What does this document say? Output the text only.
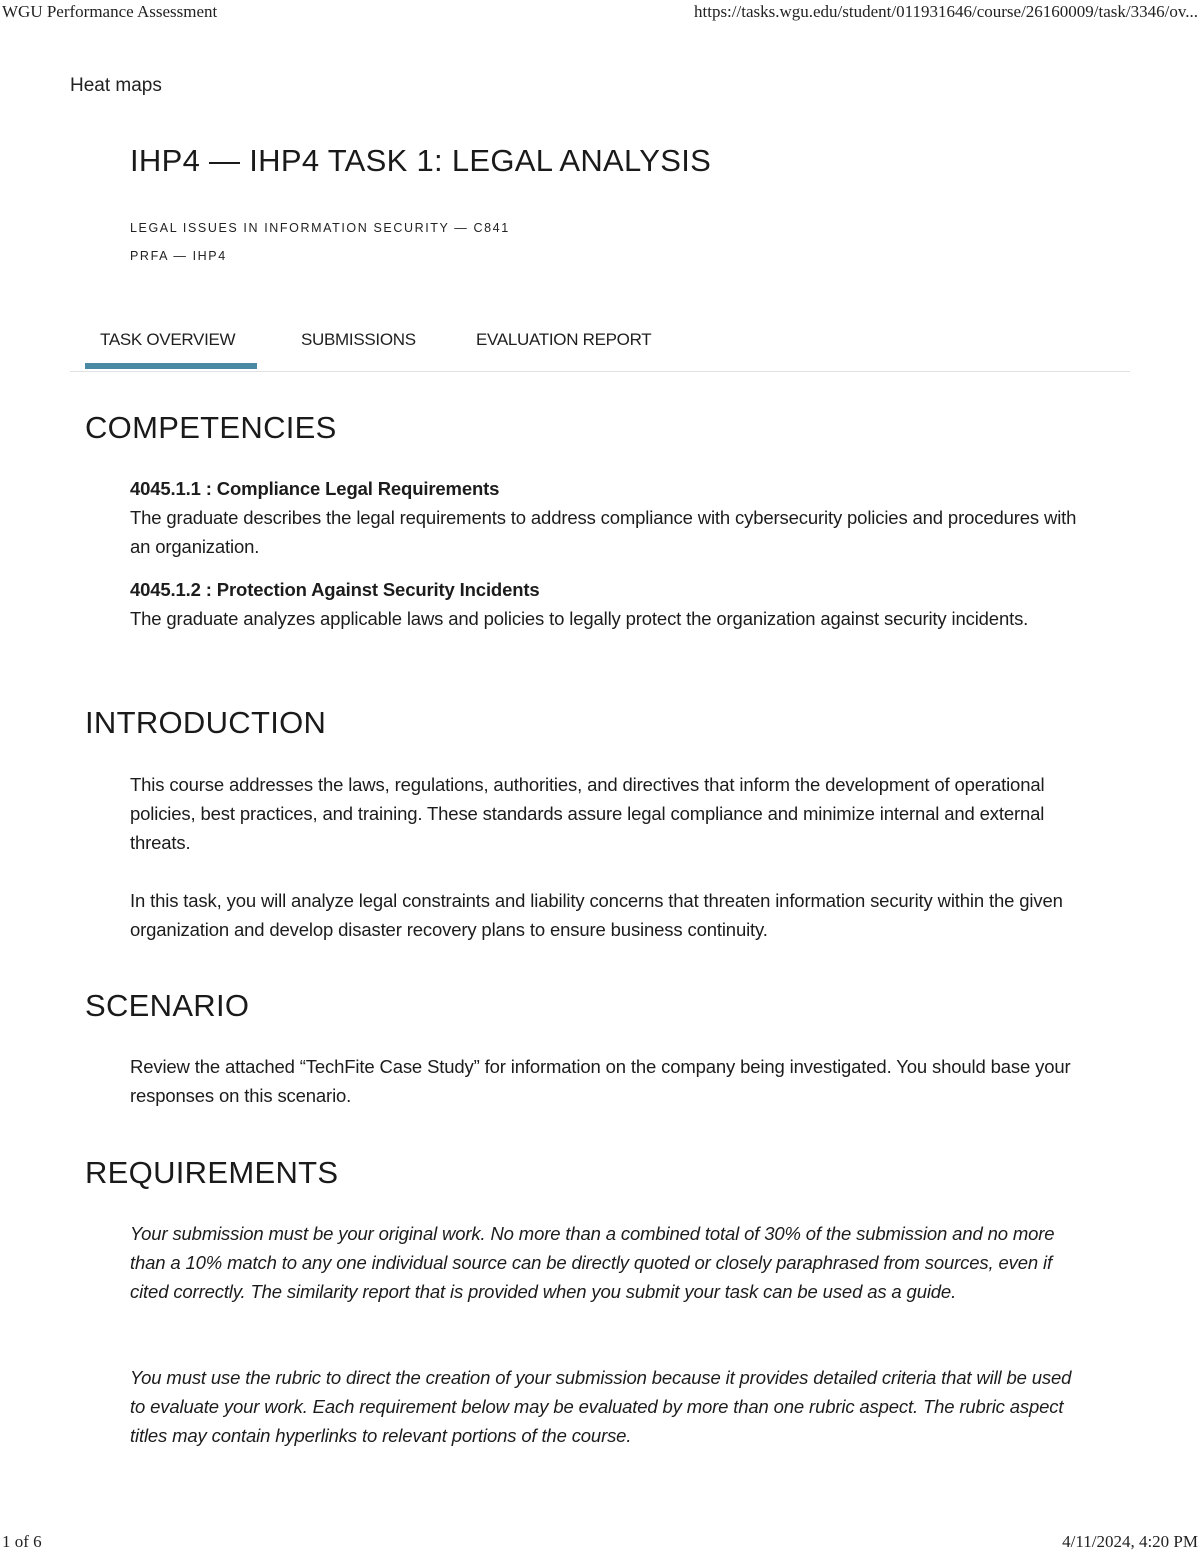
WGU Performance Assessment	https://tasks.wgu.edu/student/011931646/course/26160009/task/3346/ov...
Heat maps
IHP4 — IHP4 TASK 1: LEGAL ANALYSIS
LEGAL ISSUES IN INFORMATION SECURITY — C841
PRFA — IHP4
TASK OVERVIEW	SUBMISSIONS	EVALUATION REPORT
COMPETENCIES
4045.1.1 : Compliance Legal Requirements
The graduate describes the legal requirements to address compliance with cybersecurity policies and procedures with an organization.
4045.1.2 : Protection Against Security Incidents
The graduate analyzes applicable laws and policies to legally protect the organization against security incidents.
INTRODUCTION

This course addresses the laws, regulations, authorities, and directives that inform the development of operational policies, best practices, and training. These standards assure legal compliance and minimize internal and external threats.

In this task, you will analyze legal constraints and liability concerns that threaten information security within the given organization and develop disaster recovery plans to ensure business continuity.

SCENARIO

Review the attached “TechFite Case Study” for information on the company being investigated. You should base your responses on this scenario.

REQUIREMENTS

Your submission must be your original work. No more than a combined total of 30% of the submission and no more than a 10% match to any one individual source can be directly quoted or closely paraphrased from sources, even if cited correctly. The similarity report that is provided when you submit your task can be used as a guide.

You must use the rubric to direct the creation of your submission because it provides detailed criteria that will be used to evaluate your work. Each requirement below may be evaluated by more than one rubric aspect. The rubric aspect titles may contain hyperlinks to relevant portions of the course.

1 of 6	4/11/2024, 4:20 PM
